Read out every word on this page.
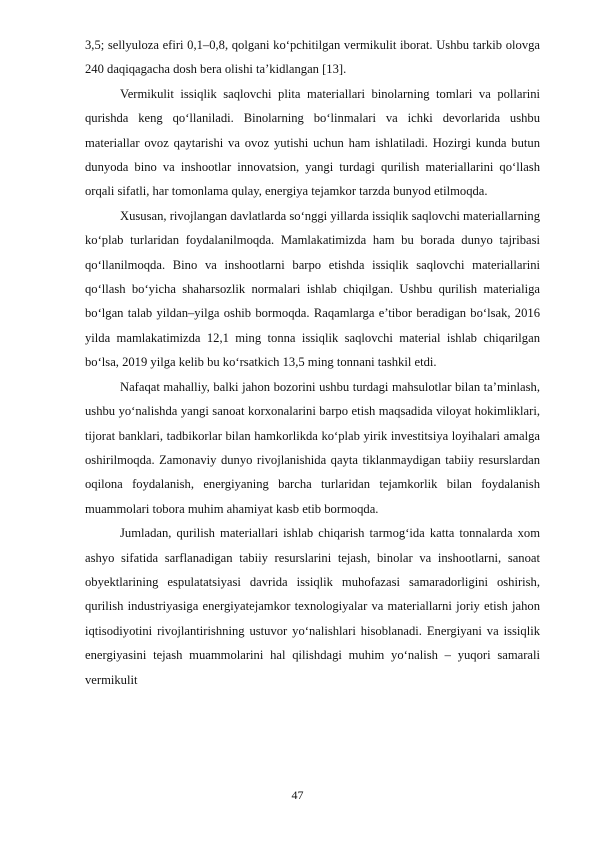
3,5; sellyuloza efiri 0,1–0,8, qolgani ko‘pchitilgan vermikulit iborat. Ushbu tarkib olovga 240 daqiqagacha dosh bera olishi ta’kidlangan [13].

Vermikulit issiqlik saqlovchi plita materiallari binolarning tomlari va pollarini qurishda keng qo‘llaniladi. Binolarning bo‘linmalari va ichki devorlarida ushbu materiallar ovoz qaytarishi va ovoz yutishi uchun ham ishlatiladi. Hozirgi kunda butun dunyoda bino va inshootlar innovatsion, yangi turdagi qurilish materiallarini qo‘llash orqali sifatli, har tomonlama qulay, energiya tejamkor tarzda bunyod etilmoqda.

Xususan, rivojlangan davlatlarda so‘nggi yillarda issiqlik saqlovchi materiallarning ko‘plab turlaridan foydalanilmoqda. Mamlakatimizda ham bu borada dunyo tajribasi qo‘llanilmoqda. Bino va inshootlarni barpo etishda issiqlik saqlovchi materiallarini qo‘llash bo‘yicha shaharsozlik normalari ishlab chiqilgan. Ushbu qurilish materialiga bo‘lgan talab yildan–yilga oshib bormoqda. Raqamlarga e’tibor beradigan bo‘lsak, 2016 yilda mamlakatimizda 12,1 ming tonna issiqlik saqlovchi material ishlab chiqarilgan bo‘lsa, 2019 yilga kelib bu ko‘rsatkich 13,5 ming tonnani tashkil etdi.

Nafaqat mahalliy, balki jahon bozorini ushbu turdagi mahsulotlar bilan ta’minlash, ushbu yo‘nalishda yangi sanoat korxonalarini barpo etish maqsadida viloyat hokimliklari, tijorat banklari, tadbikorlar bilan hamkorlikda ko‘plab yirik investitsiya loyihalari amalga oshirilmoqda. Zamonaviy dunyo rivojlanishida qayta tiklanmaydigan tabiiy resurslardan oqilona foydalanish, energiyaning barcha turlaridan tejamkorlik bilan foydalanish muammolari tobora muhim ahamiyat kasb etib bormoqda.

Jumladan, qurilish materiallari ishlab chiqarish tarmog‘ida katta tonnalarda xom ashyo sifatida sarflanadigan tabiiy resurslarini tejash, binolar va inshootlarni, sanoat obyektlarining espulatatsiyasi davrida issiqlik muhofazasi samaradorligini oshirish, qurilish industriyasiga energiyatejamkor texnologiyalar va materiallarni joriy etish jahon iqtisodiyotini rivojlantirishning ustuvor yo‘nalishlari hisoblanadi. Energiyani va issiqlik energiyasini tejash muammolarini hal qilishdagi muhim yo‘nalish – yuqori samarali vermikulit

47
